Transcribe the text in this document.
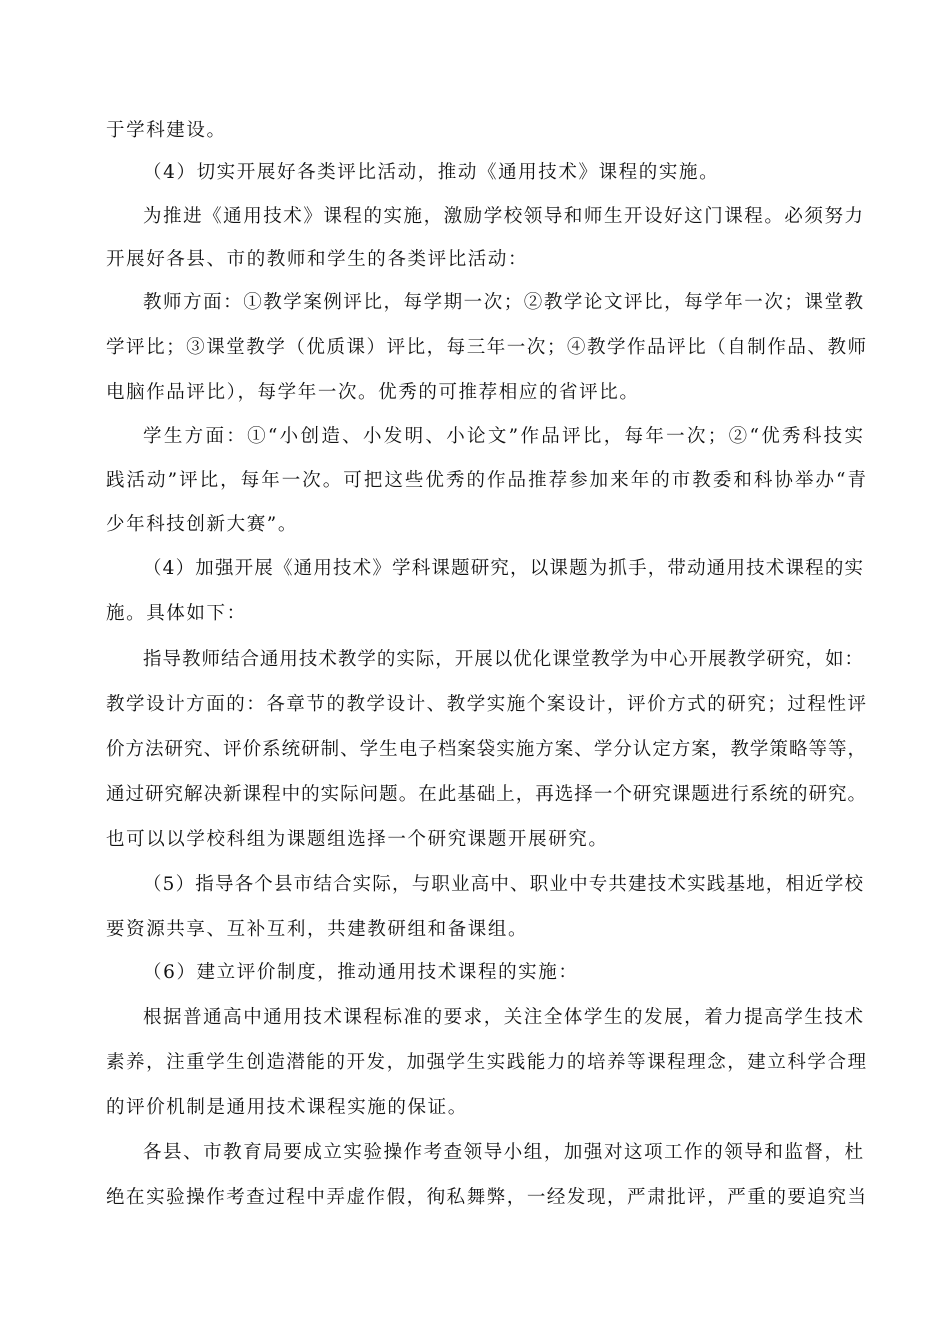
于学科建设。
（4）切实开展好各类评比活动，推动《通用技术》课程的实施。
为推进《通用技术》课程的实施，激励学校领导和师生开设好这门课程。必须努力
开展好各县、市的教师和学生的各类评比活动：
教师方面：①教学案例评比，每学期一次；②教学论文评比，每学年一次；课堂教
学评比；③课堂教学（优质课）评比，每三年一次；④教学作品评比（自制作品、教师
电脑作品评比），每学年一次。优秀的可推荐相应的省评比。
学生方面：①“小创造、小发明、小论文”作品评比，每年一次；②“优秀科技实
践活动”评比，每年一次。可把这些优秀的作品推荐参加来年的市教委和科协举办“青
少年科技创新大赛”。
（4）加强开展《通用技术》学科课题研究，以课题为抓手，带动通用技术课程的实
施。具体如下：
指导教师结合通用技术教学的实际，开展以优化课堂教学为中心开展教学研究，如：
教学设计方面的：各章节的教学设计、教学实施个案设计，评价方式的研究；过程性评
价方法研究、评价系统研制、学生电子档案袋实施方案、学分认定方案，教学策略等等，
通过研究解决新课程中的实际问题。在此基础上，再选择一个研究课题进行系统的研究。
也可以以学校科组为课题组选择一个研究课题开展研究。
（5）指导各个县市结合实际，与职业高中、职业中专共建技术实践基地，相近学校
要资源共享、互补互利，共建教研组和备课组。
（6）建立评价制度，推动通用技术课程的实施：
根据普通高中通用技术课程标准的要求，关注全体学生的发展，着力提高学生技术
素养，注重学生创造潜能的开发，加强学生实践能力的培养等课程理念，建立科学合理
的评价机制是通用技术课程实施的保证。
各县、市教育局要成立实验操作考查领导小组，加强对这项工作的领导和监督，杜
绝在实验操作考查过程中弄虚作假，徇私舞弊，一经发现，严肃批评，严重的要追究当
